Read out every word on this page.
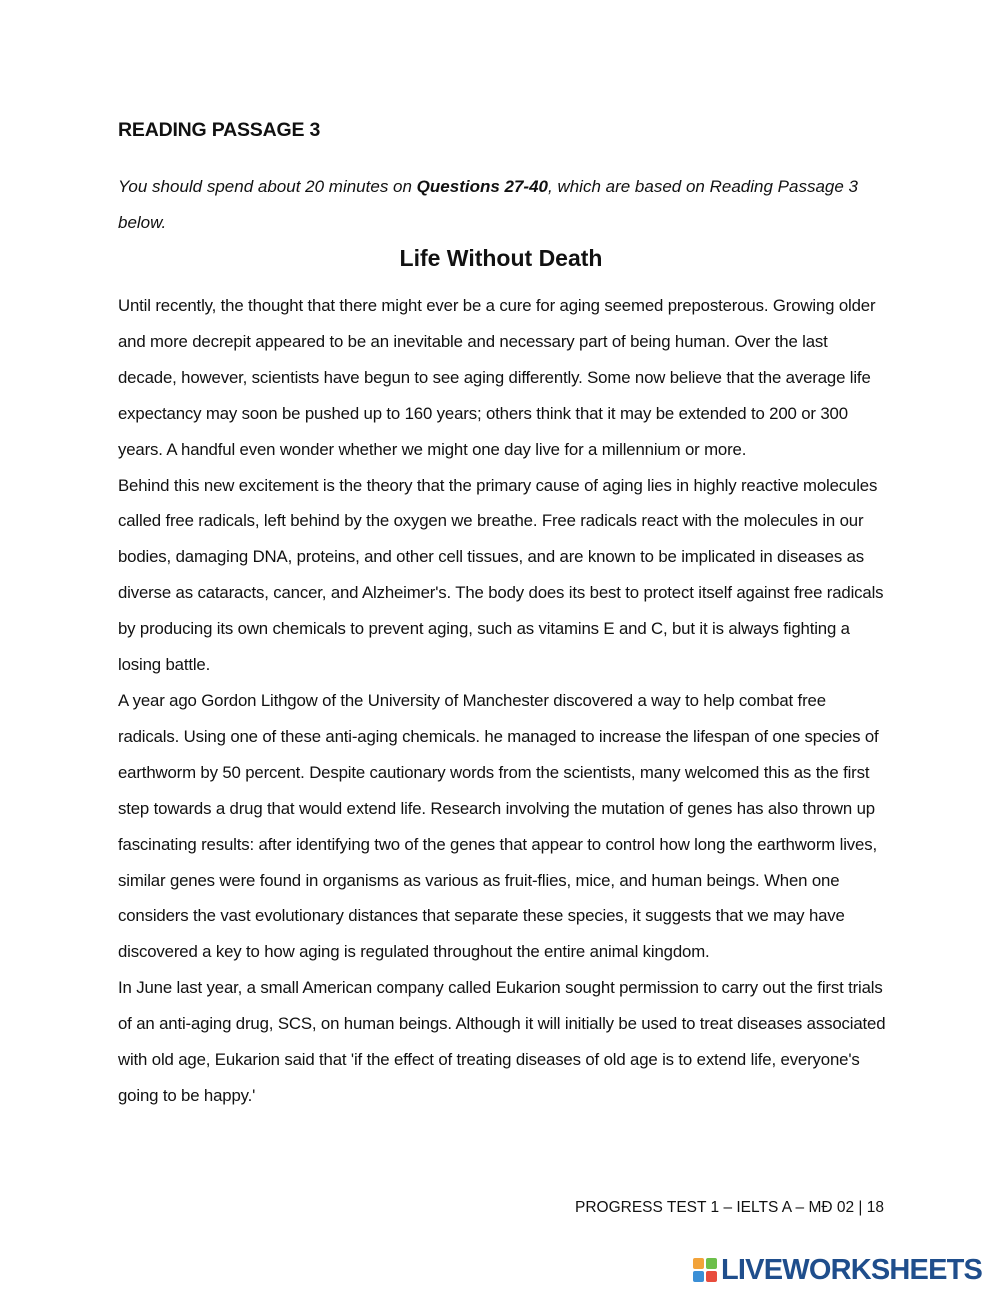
READING PASSAGE 3

You should spend about 20 minutes on Questions 27-40, which are based on Reading Passage 3 below.

Life Without Death

Until recently, the thought that there might ever be a cure for aging seemed preposterous. Growing older and more decrepit appeared to be an inevitable and necessary part of being human. Over the last decade, however, scientists have begun to see aging differently. Some now believe that the average life expectancy may soon be pushed up to 160 years; others think that it may be extended to 200 or 300 years. A handful even wonder whether we might one day live for a millennium or more.

Behind this new excitement is the theory that the primary cause of aging lies in highly reactive molecules called free radicals, left behind by the oxygen we breathe. Free radicals react with the molecules in our bodies, damaging DNA, proteins, and other cell tissues, and are known to be implicated in diseases as diverse as cataracts, cancer, and Alzheimer's. The body does its best to protect itself against free radicals by producing its own chemicals to prevent aging, such as vitamins E and C, but it is always fighting a losing battle.

A year ago Gordon Lithgow of the University of Manchester discovered a way to help combat free radicals. Using one of these anti-aging chemicals. he managed to increase the lifespan of one species of earthworm by 50 percent. Despite cautionary words from the scientists, many welcomed this as the first step towards a drug that would extend life. Research involving the mutation of genes has also thrown up fascinating results: after identifying two of the genes that appear to control how long the earthworm lives, similar genes were found in organisms as various as fruit-flies, mice, and human beings. When one considers the vast evolutionary distances that separate these species, it suggests that we may have discovered a key to how aging is regulated throughout the entire animal kingdom.

In June last year, a small American company called Eukarion sought permission to carry out the first trials of an anti-aging drug, SCS, on human beings. Although it will initially be used to treat diseases associated with old age, Eukarion said that 'if the effect of treating diseases of old age is to extend life, everyone's going to be happy.'

PROGRESS TEST 1 – IELTS A – MĐ 02 | 18
LIVEWORKSHEETS
